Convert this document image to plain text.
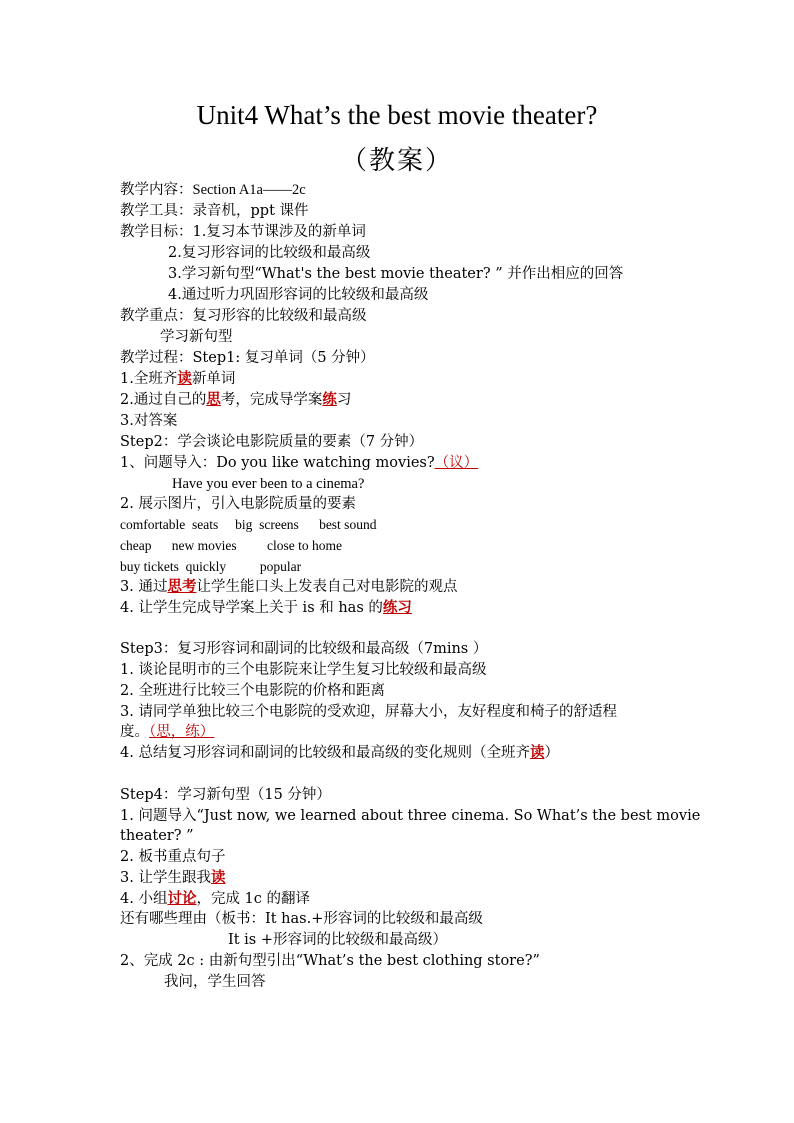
Unit4 What’s the best movie theater?
（教案）
教学内容：Section A1a——2c
教学工具：录音机，ppt 课件
教学目标：1.复习本节课涉及的新单词
2.复习形容词的比较级和最高级
3.学习新句型“What's the best movie theater? ” 并作出相应的回答
4.通过听力巩固形容词的比较级和最高级
教学重点：复习形容的比较级和最高级
学习新句型
教学过程：Step1: 复习单词（5 分钟）
1.全班齐读新单词
2.通过自己的思考，完成导学案练习
3.对答案
Step2：学会谈论电影院质量的要素（7 分钟）
1、问题导入：Do you like watching movies?（议）
Have you ever been to a cinema?
2. 展示图片，引入电影院质量的要素
comfortable  seats     big  screens      best sound
cheap      new movies         close to home
buy tickets  quickly          popular
3. 通过思考让学生能口头上发表自己对电影院的观点
4. 让学生完成导学案上关于 is 和 has 的练习
Step3：复习形容词和副词的比较级和最高级（7mins ）
1. 谈论昆明市的三个电影院来让学生复习比较级和最高级
2. 全班进行比较三个电影院的价格和距离
3. 请同学单独比较三个电影院的受欢迎，屏幕大小，友好程度和椅子的舒适程
度。（思，练）
4. 总结复习形容词和副词的比较级和最高级的变化规则（全班齐读）
Step4：学习新句型（15 分钟）
1. 问题导入“Just now, we learned about three cinema. So What’s the best movie
theater? ”
2. 板书重点句子
3. 让学生跟我读
4. 小组讨论，完成 1c 的翻译
还有哪些理由（板书：It has.+形容词的比较级和最高级
It is +形容词的比较级和最高级）
2、完成 2c : 由新句型引出“What’s the best clothing store?”
我问，学生回答
